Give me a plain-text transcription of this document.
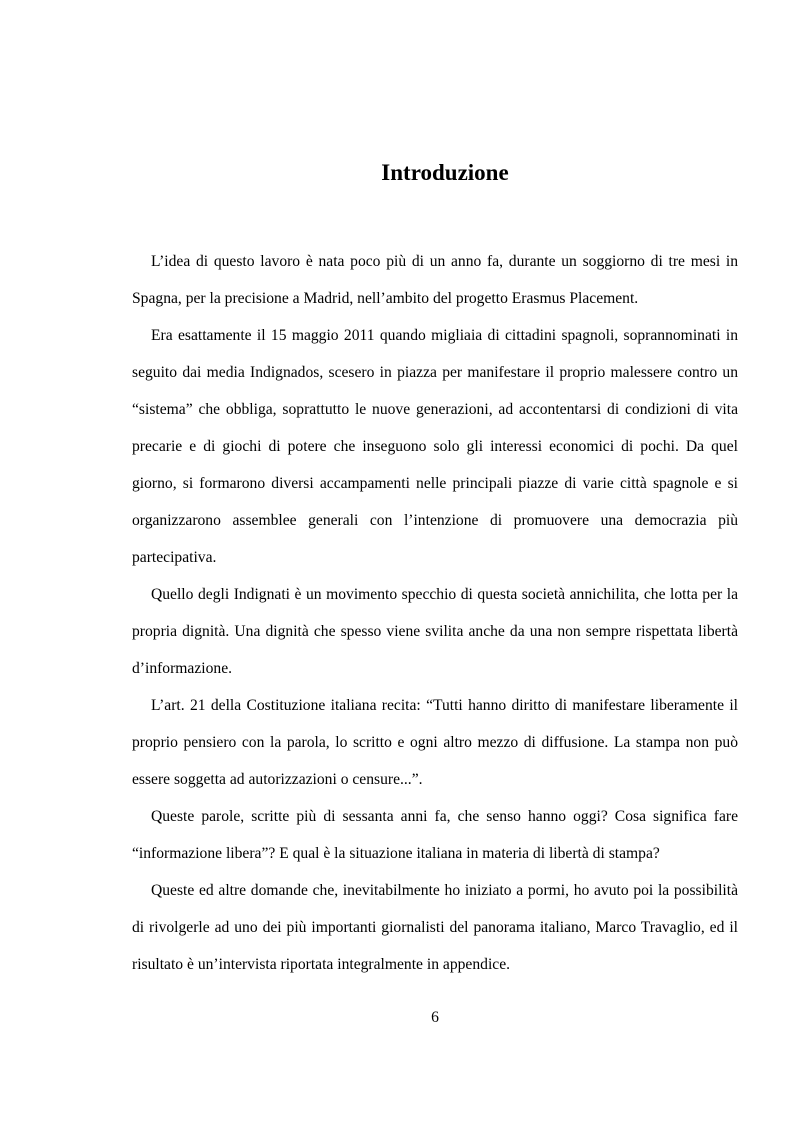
Introduzione

L’idea di questo lavoro è nata poco più di un anno fa, durante un soggiorno di tre mesi in Spagna, per la precisione a Madrid, nell’ambito del progetto Erasmus Placement.

Era esattamente il 15 maggio 2011 quando migliaia di cittadini spagnoli, soprannominati in seguito dai media Indignados, scesero in piazza per manifestare il proprio malessere contro un “sistema” che obbliga, soprattutto le nuove generazioni, ad accontentarsi di condizioni di vita precarie e di giochi di potere che inseguono solo gli interessi economici di pochi. Da quel giorno, si formarono diversi accampamenti nelle principali piazze di varie città spagnole e si organizzarono assemblee generali con l’intenzione di promuovere una democrazia più partecipativa.

Quello degli Indignati è un movimento specchio di questa società annichilita, che lotta per la propria dignità. Una dignità che spesso viene svilita anche da una non sempre rispettata libertà d’informazione.

L’art. 21 della Costituzione italiana recita: “Tutti hanno diritto di manifestare liberamente il proprio pensiero con la parola, lo scritto e ogni altro mezzo di diffusione. La stampa non può essere soggetta ad autorizzazioni o censure...”.

Queste parole, scritte più di sessanta anni fa, che senso hanno oggi? Cosa significa fare “informazione libera”? E qual è la situazione italiana in materia di libertà di stampa?

Queste ed altre domande che, inevitabilmente ho iniziato a pormi, ho avuto poi la possibilità di rivolgerle ad uno dei più importanti giornalisti del panorama italiano, Marco Travaglio, ed il risultato è un’intervista riportata integralmente in appendice.

6
